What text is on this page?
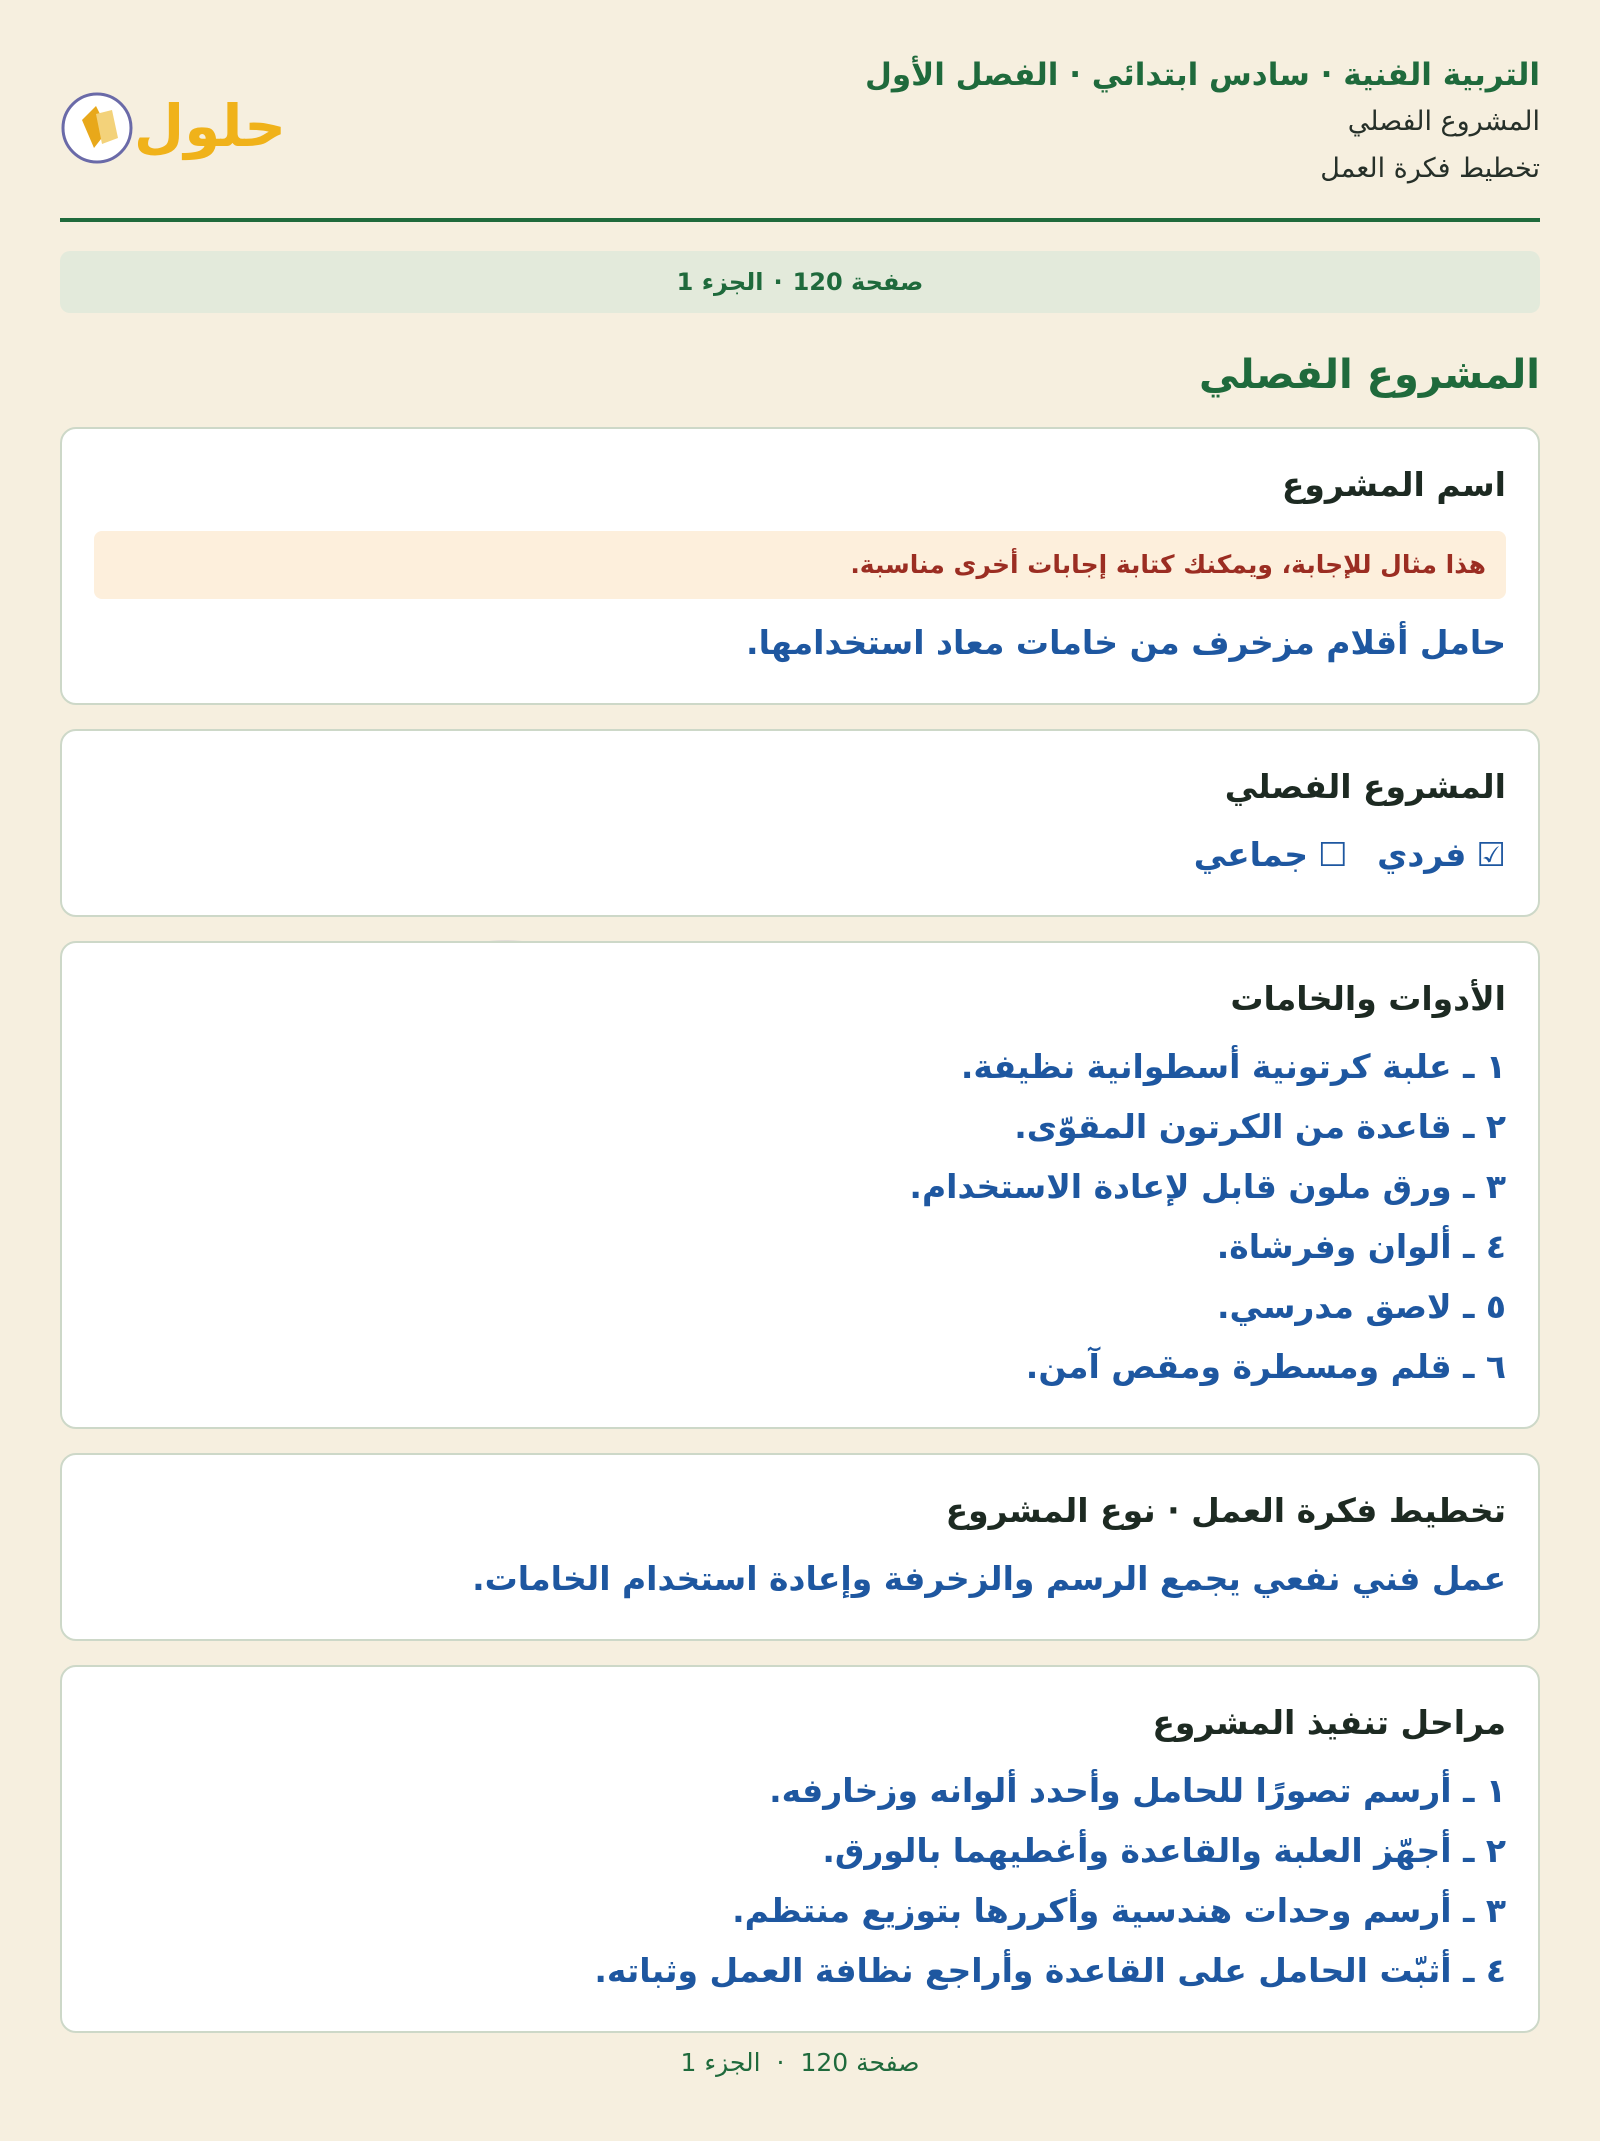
التربية الفنية · سادس ابتدائي · الفصل الأول
المشروع الفصلي
تخطيط فكرة العمل
حلول
صفحة 120
·
الجزء 1
المشروع الفصلي
اسم المشروع
هذا مثال للإجابة، ويمكنك كتابة إجابات أخرى مناسبة.
حامل أقلام مزخرف من خامات معاد استخدامها.
المشروع الفصلي
☑فردي ☐جماعي
الأدوات والخامات
١ ـ علبة كرتونية أسطوانية نظيفة.
٢ ـ قاعدة من الكرتون المقوّى.
٣ ـ ورق ملون قابل لإعادة الاستخدام.
٤ ـ ألوان وفرشاة.
٥ ـ لاصق مدرسي.
٦ ـ قلم ومسطرة ومقص آمن.
تخطيط فكرة العمل · نوع المشروع
عمل فني نفعي يجمع الرسم والزخرفة وإعادة استخدام الخامات.
مراحل تنفيذ المشروع
١ ـ أرسم تصورًا للحامل وأحدد ألوانه وزخارفه.
٢ ـ أجهّز العلبة والقاعدة وأغطيهما بالورق.
٣ ـ أرسم وحدات هندسية وأكررها بتوزيع منتظم.
٤ ـ أثبّت الحامل على القاعدة وأراجع نظافة العمل وثباته.
صفحة 120 · الجزء 1
